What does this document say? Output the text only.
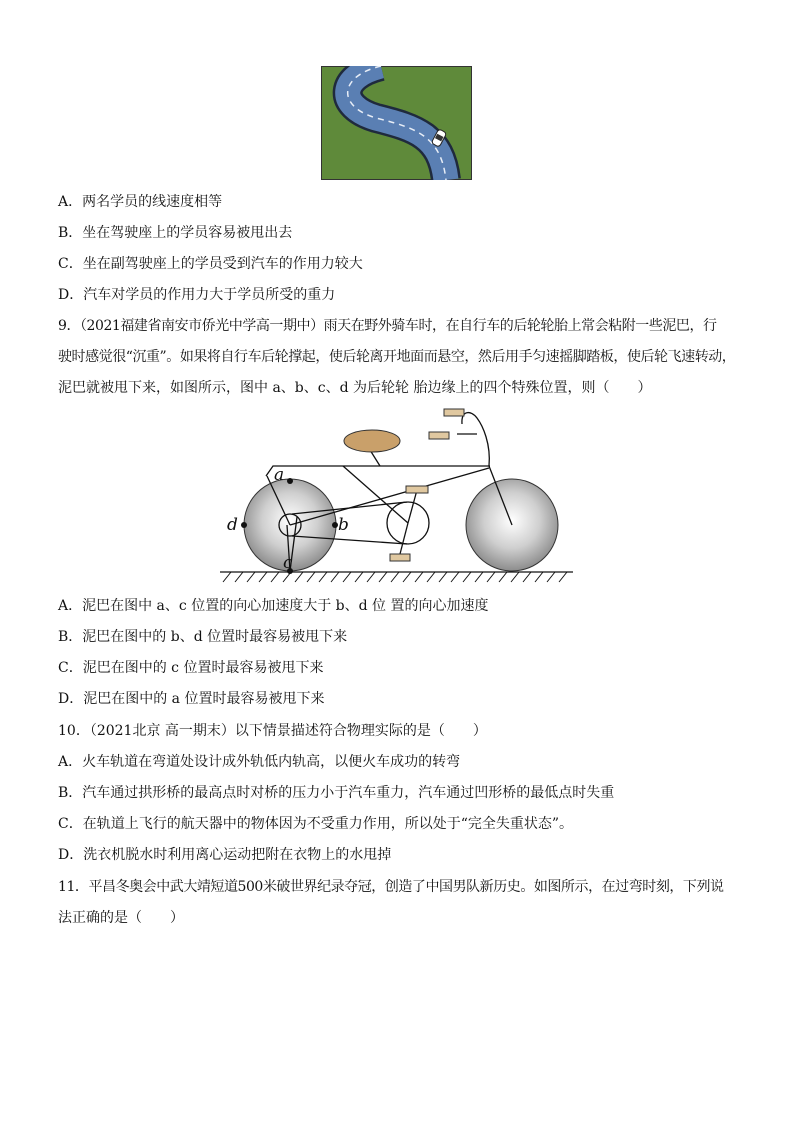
A．两名学员的线速度相等
B．坐在驾驶座上的学员容易被甩出去
C．坐在副驾驶座上的学员受到汽车的作用力较大
D．汽车对学员的作用力大于学员所受的重力
9．（2021福建省南安市侨光中学高一期中）雨天在野外骑车时，在自行车的后轮轮胎上常会粘附一些泥巴，行
驶时感觉很“沉重”。如果将自行车后轮撑起，使后轮离开地面而悬空，然后用手匀速摇脚踏板，使后轮飞速转动，
泥巴就被甩下来，如图所示，图中 a、b、c、d 为后轮轮 胎边缘上的四个特殊位置，则（　　）
a
b
c
d
A．泥巴在图中 a、c 位置的向心加速度大于 b、d 位 置的向心加速度
B．泥巴在图中的 b、d 位置时最容易被甩下来
C．泥巴在图中的 c 位置时最容易被甩下来
D．泥巴在图中的 a 位置时最容易被甩下来
10．（2021北京 高一期末）以下情景描述符合物理实际的是（　　）
A．火车轨道在弯道处设计成外轨低内轨高，以便火车成功的转弯
B．汽车通过拱形桥的最高点时对桥的压力小于汽车重力，汽车通过凹形桥的最低点时失重
C．在轨道上飞行的航天器中的物体因为不受重力作用，所以处于“完全失重状态”。
D．洗衣机脱水时利用离心运动把附在衣物上的水甩掉
11．平昌冬奥会中武大靖短道500米破世界纪录夺冠，创造了中国男队新历史。如图所示，在过弯时刻，下列说
法正确的是（　　）
